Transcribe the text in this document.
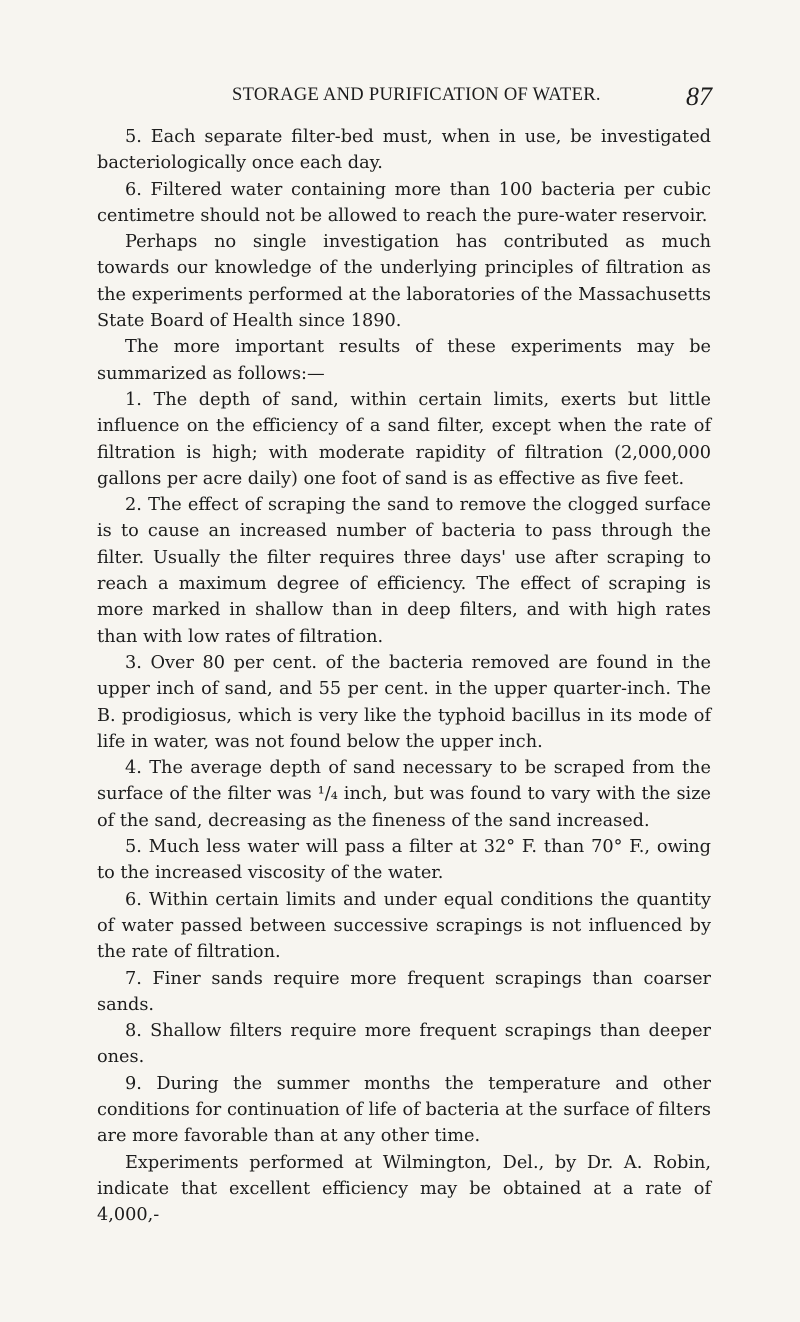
STORAGE AND PURIFICATION OF WATER.	87

5. Each separate filter-bed must, when in use, be investigated bacteriologically once each day.

6. Filtered water containing more than 100 bacteria per cubic centimetre should not be allowed to reach the pure-water reservoir.

Perhaps no single investigation has contributed as much towards our knowledge of the underlying principles of filtration as the experiments performed at the laboratories of the Massachusetts State Board of Health since 1890.

The more important results of these experiments may be summarized as follows:—

1. The depth of sand, within certain limits, exerts but little influence on the efficiency of a sand filter, except when the rate of filtration is high; with moderate rapidity of filtration (2,000,000 gallons per acre daily) one foot of sand is as effective as five feet.

2. The effect of scraping the sand to remove the clogged surface is to cause an increased number of bacteria to pass through the filter. Usually the filter requires three days' use after scraping to reach a maximum degree of efficiency. The effect of scraping is more marked in shallow than in deep filters, and with high rates than with low rates of filtration.

3. Over 80 per cent. of the bacteria removed are found in the upper inch of sand, and 55 per cent. in the upper quarter-inch. The B. prodigiosus, which is very like the typhoid bacillus in its mode of life in water, was not found below the upper inch.

4. The average depth of sand necessary to be scraped from the surface of the filter was ¹/₄ inch, but was found to vary with the size of the sand, decreasing as the fineness of the sand increased.

5. Much less water will pass a filter at 32° F. than 70° F., owing to the increased viscosity of the water.

6. Within certain limits and under equal conditions the quantity of water passed between successive scrapings is not influenced by the rate of filtration.

7. Finer sands require more frequent scrapings than coarser sands.

8. Shallow filters require more frequent scrapings than deeper ones.

9. During the summer months the temperature and other conditions for continuation of life of bacteria at the surface of filters are more favorable than at any other time.

Experiments performed at Wilmington, Del., by Dr. A. Robin, indicate that excellent efficiency may be obtained at a rate of 4,000,-
